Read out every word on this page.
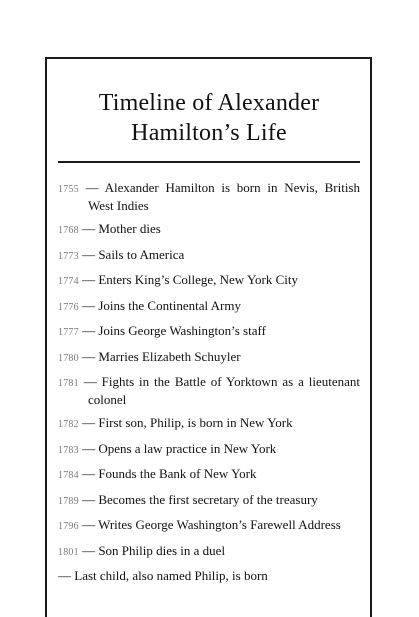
Timeline of Alexander Hamilton’s Life
1755 — Alexander Hamilton is born in Nevis, British West Indies
1768 — Mother dies
1773 — Sails to America
1774 — Enters King’s College, New York City
1776 — Joins the Continental Army
1777 — Joins George Washington’s staff
1780 — Marries Elizabeth Schuyler
1781 — Fights in the Battle of Yorktown as a lieutenant colonel
1782 — First son, Philip, is born in New York
1783 — Opens a law practice in New York
1784 — Founds the Bank of New York
1789 — Becomes the first secretary of the treasury
1796 — Writes George Washington’s Farewell Address
1801 — Son Philip dies in a duel
— Last child, also named Philip, is born
